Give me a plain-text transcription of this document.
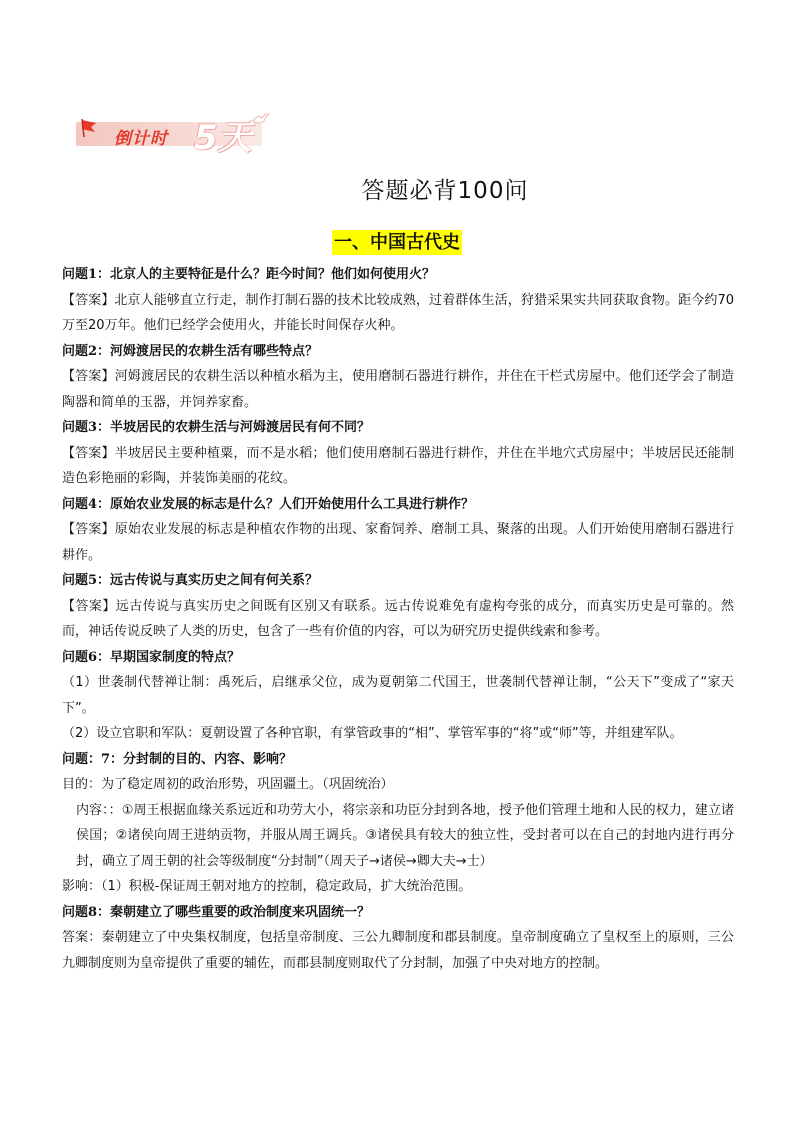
倒计时 5天
答题必背100问
一、中国古代史

问题1：北京人的主要特征是什么？距今时间？他们如何使用火？

【答案】北京人能够直立行走，制作打制石器的技术比较成熟，过着群体生活，狩猎采果实共同获取食物。距今约70万至20万年。他们已经学会使用火，并能长时间保存火种。

问题2：河姆渡居民的农耕生活有哪些特点？

【答案】河姆渡居民的农耕生活以种植水稻为主，使用磨制石器进行耕作，并住在干栏式房屋中。他们还学会了制造陶器和简单的玉器，并饲养家畜。

问题3：半坡居民的农耕生活与河姆渡居民有何不同？

【答案】半坡居民主要种植粟，而不是水稻；他们使用磨制石器进行耕作，并住在半地穴式房屋中；半坡居民还能制造色彩艳丽的彩陶，并装饰美丽的花纹。

问题4：原始农业发展的标志是什么？人们开始使用什么工具进行耕作？

【答案】原始农业发展的标志是种植农作物的出现、家畜饲养、磨制工具、聚落的出现。人们开始使用磨制石器进行耕作。

问题5：远古传说与真实历史之间有何关系？

【答案】远古传说与真实历史之间既有区别又有联系。远古传说难免有虚构夸张的成分，而真实历史是可靠的。然而，神话传说反映了人类的历史，包含了一些有价值的内容，可以为研究历史提供线索和参考。

问题6：早期国家制度的特点？

（1）世袭制代替禅让制：禹死后，启继承父位，成为夏朝第二代国王，世袭制代替禅让制，“公天下”变成了“家天下”。

（2）设立官职和军队：夏朝设置了各种官职，有掌管政事的“相”、掌管军事的“将”或“师”等，并组建军队。

问题：7：分封制的目的、内容、影响？

目的：为了稳定周初的政治形势，巩固疆土。（巩固统治）

内容：：①周王根据血缘关系远近和功劳大小，将宗亲和功臣分封到各地，授予他们管理土地和人民的权力，建立诸侯国；②诸侯向周王进纳贡物，并服从周王调兵。③诸侯具有较大的独立性，受封者可以在自己的封地内进行再分封，确立了周王朝的社会等级制度“分封制”（周天子→诸侯→卿大夫→士）

影响：（1）积极-保证周王朝对地方的控制，稳定政局，扩大统治范围。

问题8：秦朝建立了哪些重要的政治制度来巩固统一？

答案：秦朝建立了中央集权制度，包括皇帝制度、三公九卿制度和郡县制度。皇帝制度确立了皇权至上的原则，三公九卿制度则为皇帝提供了重要的辅佐，而郡县制度则取代了分封制，加强了中央对地方的控制。
